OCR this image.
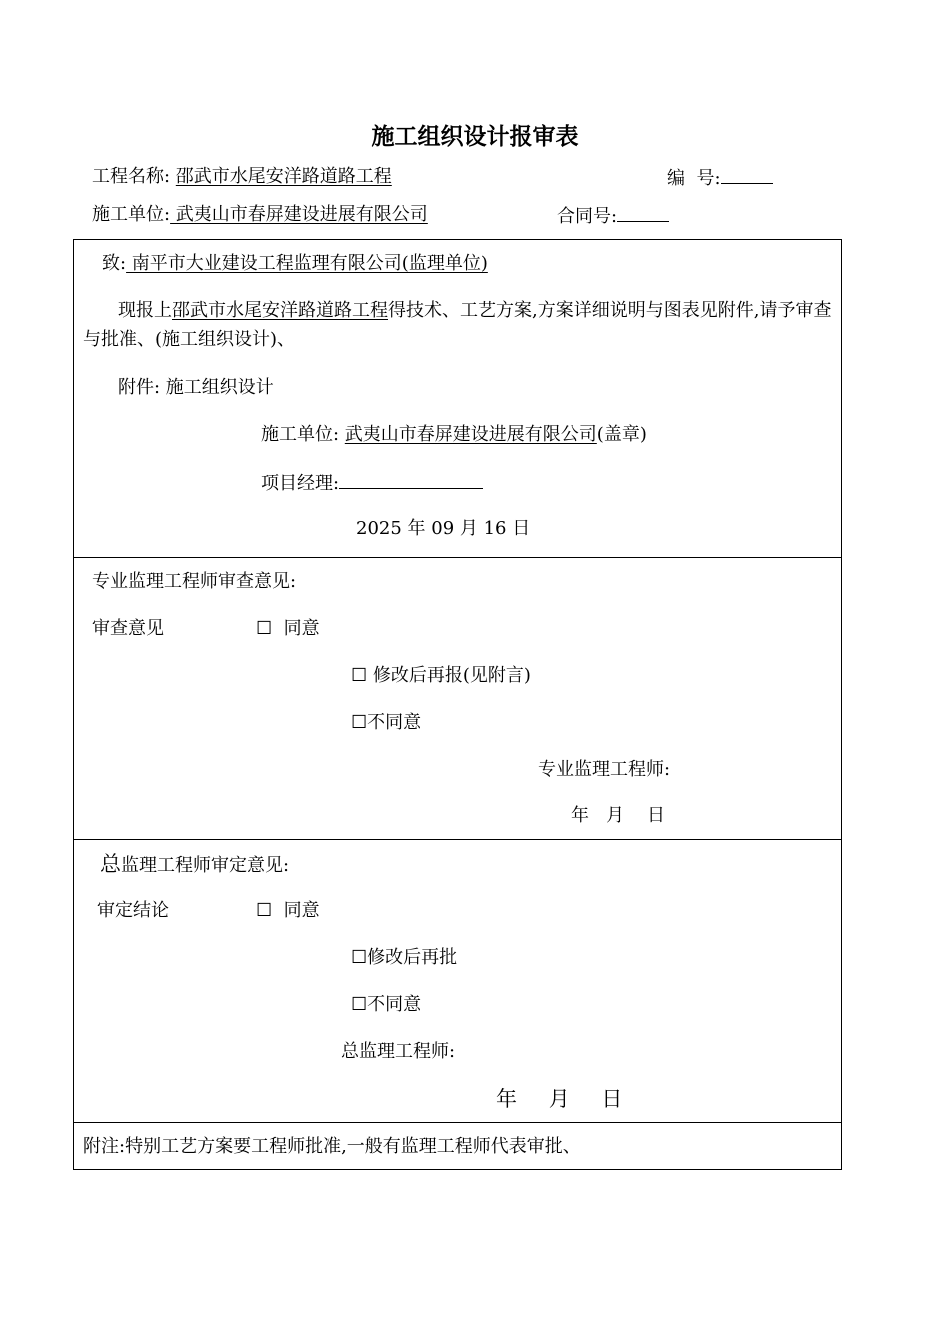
施工组织设计报审表
工程名称: 邵武市水尾安洋路道路工程	编  号:
施工单位: 武夷山市春屏建设进展有限公司	合同号:
致: 南平市大业建设工程监理有限公司(监理单位)
现报上邵武市水尾安洋路道路工程得技术、工艺方案,方案详细说明与图表见附件,请予审查与批准、(施工组织设计)、
附件: 施工组织设计
施工单位: 武夷山市春屏建设进展有限公司(盖章)
项目经理:
2025 年 09 月 16 日
专业监理工程师审查意见:
审查意见	☐  同意
☐ 修改后再报(见附言)
☐不同意
专业监理工程师:
年   月    日
总监理工程师审定意见:
审定结论	☐  同意
☐修改后再批
☐不同意
总监理工程师:
年    月    日
附注:特别工艺方案要工程师批准,一般有监理工程师代表审批、
